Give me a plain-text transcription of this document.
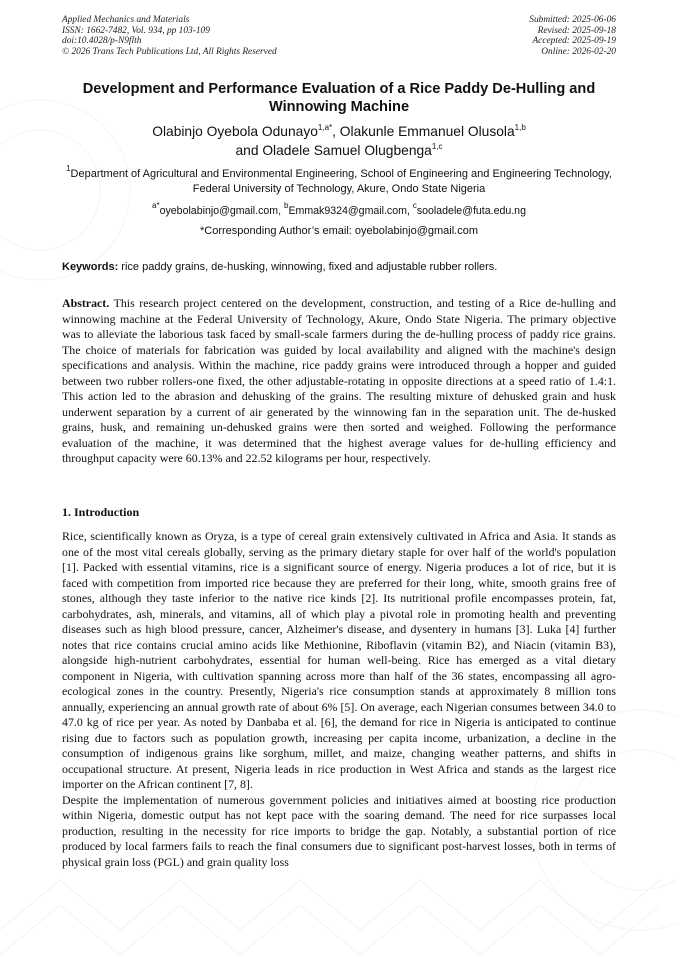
Applied Mechanics and Materials
ISSN: 1662-7482, Vol. 934, pp 103-109
doi:10.4028/p-N9flth
© 2026 Trans Tech Publications Ltd, All Rights Reserved
Submitted: 2025-06-06
Revised: 2025-09-18
Accepted: 2025-09-19
Online: 2026-02-20
Development and Performance Evaluation of a Rice Paddy De-Hulling and Winnowing Machine
Olabinjo Oyebola Odunayo$^{1,a*}$, Olakunle Emmanuel Olusola$^{1,b}$
and Oladele Samuel Olugbenga$^{1,c}$
$^1$Department of Agricultural and Environmental Engineering, School of Engineering and Engineering Technology, Federal University of Technology, Akure, Ondo State Nigeria
$^{a*}$oyebolabinjo@gmail.com, $^b$Emmak9324@gmail.com, $^c$sooladele@futa.edu.ng
*Corresponding Author’s email: oyebolabinjo@gmail.com
Keywords: rice paddy grains, de-husking, winnowing, fixed and adjustable rubber rollers.
Abstract. This research project centered on the development, construction, and testing of a Rice de-hulling and winnowing machine at the Federal University of Technology, Akure, Ondo State Nigeria. The primary objective was to alleviate the laborious task faced by small-scale farmers during the de-hulling process of paddy rice grains. The choice of materials for fabrication was guided by local availability and aligned with the machine's design specifications and analysis. Within the machine, rice paddy grains were introduced through a hopper and guided between two rubber rollers-one fixed, the other adjustable-rotating in opposite directions at a speed ratio of 1.4:1. This action led to the abrasion and dehusking of the grains. The resulting mixture of dehusked grain and husk underwent separation by a current of air generated by the winnowing fan in the separation unit. The de-husked grains, husk, and remaining un-dehusked grains were then sorted and weighed. Following the performance evaluation of the machine, it was determined that the highest average values for de-hulling efficiency and throughput capacity were 60.13% and 22.52 kilograms per hour, respectively.
1. Introduction

Rice, scientifically known as Oryza, is a type of cereal grain extensively cultivated in Africa and Asia. It stands as one of the most vital cereals globally, serving as the primary dietary staple for over half of the world's population [1]. Packed with essential vitamins, rice is a significant source of energy. Nigeria produces a lot of rice, but it is faced with competition from imported rice because they are preferred for their long, white, smooth grains free of stones, although they taste inferior to the native rice kinds [2]. Its nutritional profile encompasses protein, fat, carbohydrates, ash, minerals, and vitamins, all of which play a pivotal role in promoting health and preventing diseases such as high blood pressure, cancer, Alzheimer's disease, and dysentery in humans [3]. Luka [4] further notes that rice contains crucial amino acids like Methionine, Riboflavin (vitamin B2), and Niacin (vitamin B3), alongside high-nutrient carbohydrates, essential for human well-being. Rice has emerged as a vital dietary component in Nigeria, with cultivation spanning across more than half of the 36 states, encompassing all agro-ecological zones in the country. Presently, Nigeria's rice consumption stands at approximately 8 million tons annually, experiencing an annual growth rate of about 6% [5]. On average, each Nigerian consumes between 34.0 to 47.0 kg of rice per year. As noted by Danbaba et al. [6], the demand for rice in Nigeria is anticipated to continue rising due to factors such as population growth, increasing per capita income, urbanization, a decline in the consumption of indigenous grains like sorghum, millet, and maize, changing weather patterns, and shifts in occupational structure. At present, Nigeria leads in rice production in West Africa and stands as the largest rice importer on the African continent [7, 8].

Despite the implementation of numerous government policies and initiatives aimed at boosting rice production within Nigeria, domestic output has not kept pace with the soaring demand. The need for rice surpasses local production, resulting in the necessity for rice imports to bridge the gap. Notably, a substantial portion of rice produced by local farmers fails to reach the final consumers due to significant post-harvest losses, both in terms of physical grain loss (PGL) and grain quality loss
